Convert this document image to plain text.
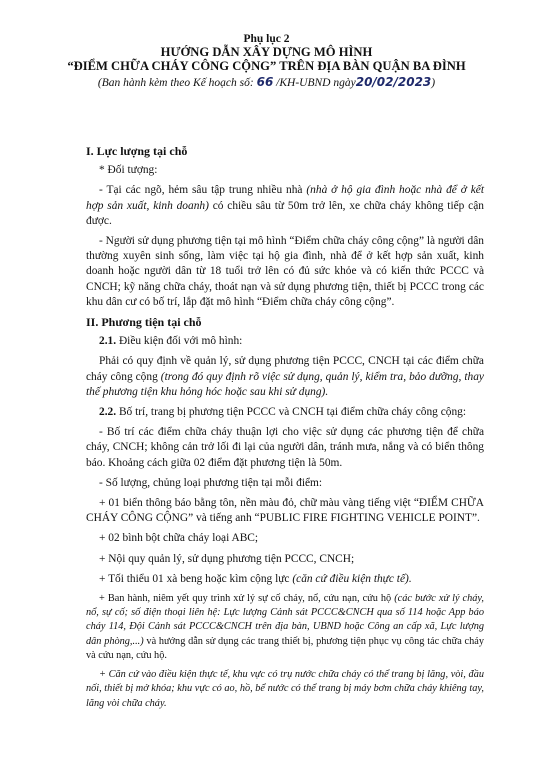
Phụ lục 2
HƯỚNG DẪN XÂY DỰNG MÔ HÌNH
“ĐIỂM CHỮA CHÁY CÔNG CỘNG” TRÊN ĐỊA BÀN QUẬN BA ĐÌNH
(Ban hành kèm theo Kế hoạch số: 66 /KH-UBND ngày20/02/2023)

I. Lực lượng tại chỗ

* Đối tượng:

- Tại các ngõ, hẻm sâu tập trung nhiều nhà (nhà ở hộ gia đình hoặc nhà để ở kết hợp sản xuất, kinh doanh) có chiều sâu từ 50m trở lên, xe chữa cháy không tiếp cận được.

- Người sử dụng phương tiện tại mô hình “Điểm chữa cháy công cộng” là người dân thường xuyên sinh sống, làm việc tại hộ gia đình, nhà để ở kết hợp sản xuất, kinh doanh hoặc người dân từ 18 tuổi trở lên có đủ sức khỏe và có kiến thức PCCC và CNCH; kỹ năng chữa cháy, thoát nạn và sử dụng phương tiện, thiết bị PCCC trong các khu dân cư có bố trí, lắp đặt mô hình “Điểm chữa cháy công cộng”.

II. Phương tiện tại chỗ

2.1. Điều kiện đối với mô hình:

Phải có quy định về quản lý, sử dụng phương tiện PCCC, CNCH tại các điểm chữa cháy công cộng (trong đó quy định rõ việc sử dụng, quản lý, kiểm tra, bảo dưỡng, thay thế phương tiện khu hỏng hóc hoặc sau khi sử dụng).

2.2. Bố trí, trang bị phương tiện PCCC và CNCH tại điểm chữa cháy công cộng:

- Bố trí các điểm chữa cháy thuận lợi cho việc sử dụng các phương tiện để chữa cháy, CNCH; không cản trở lối đi lại của người dân, tránh mưa, nắng và có biển thông báo. Khoảng cách giữa 02 điểm đặt phương tiện là 50m.

- Số lượng, chủng loại phương tiện tại mỗi điểm:

+ 01 biển thông báo bằng tôn, nền màu đỏ, chữ màu vàng tiếng việt “ĐIỂM CHỮA CHÁY CÔNG CỘNG” và tiếng anh “PUBLIC FIRE FIGHTING VEHICLE POINT”.

+ 02 bình bột chữa cháy loại ABC;

+ Nội quy quản lý, sử dụng phương tiện PCCC, CNCH;

+ Tối thiểu 01 xà beng hoặc kìm cộng lực (căn cứ điều kiện thực tế).

+ Ban hành, niêm yết quy trình xử lý sự cố cháy, nổ, cứu nạn, cứu hộ (các bước xử lý cháy, nổ, sự cố; số điện thoại liên hệ: Lực lượng Cảnh sát PCCC&CNCH qua số 114 hoặc App báo cháy 114, Đội Cảnh sát PCCC&CNCH trên địa bàn, UBND hoặc Công an cấp xã, Lực lượng dân phòng,...) và hướng dẫn sử dụng các trang thiết bị, phương tiện phục vụ công tác chữa cháy và cứu nạn, cứu hộ.

+ Căn cứ vào điều kiện thực tế, khu vực có trụ nước chữa cháy có thể trang bị lăng, vòi, đầu nối, thiết bị mở khóa; khu vực có ao, hồ, bể nước có thể trang bị máy bơm chữa cháy khiêng tay, lăng vòi chữa cháy.
